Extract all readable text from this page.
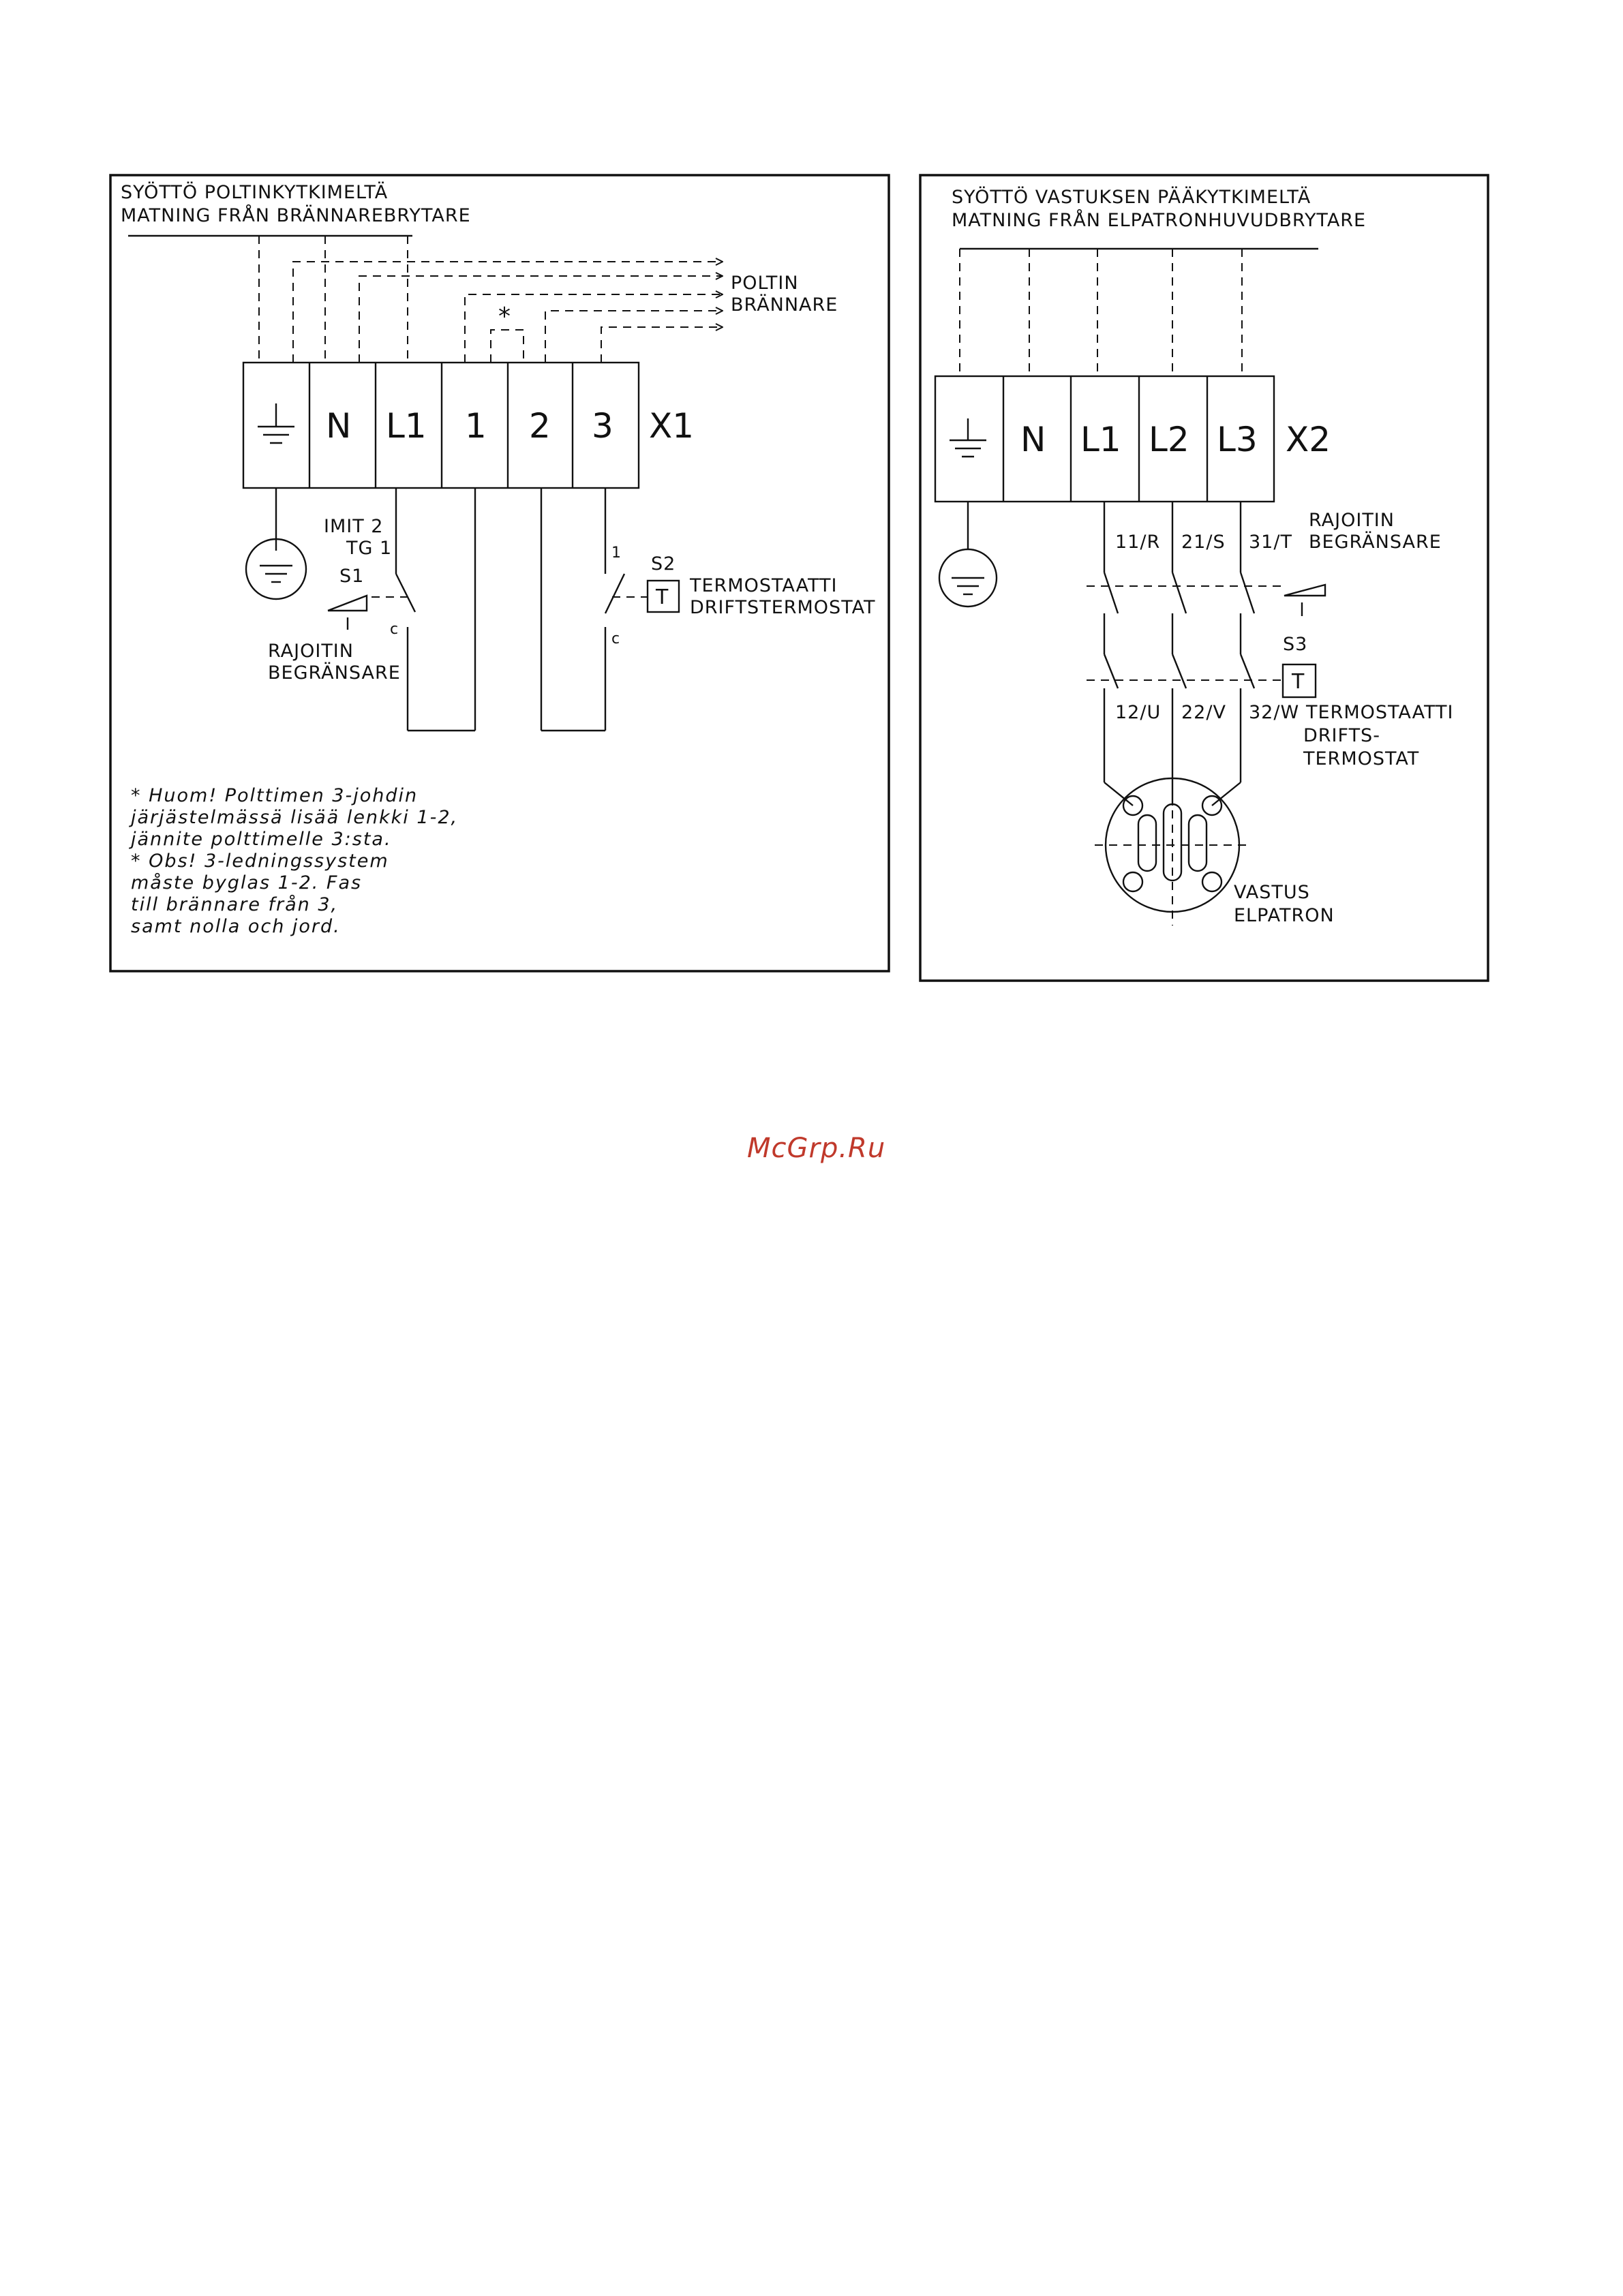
SYÖTTÖ POLTINKYTKIMELTÄ
MATNING FRÅN BRÄNNAREBRYTARE
*
POLTIN
BRÄNNARE
N L1 1 2 3 X1
IMIT 2
TG 1
S1
c
RAJOITIN
BEGRÄNSARE
1
c
S2
T TERMOSTAATTI
DRIFTSTERMOSTAT
* Huom! Polttimen 3-johdin
järjästelmässä lisää lenkki 1-2,
jännite polttimelle 3:sta.
* Obs! 3-ledningssystem
måste byglas 1-2. Fas
till brännare från 3,
samt nolla och jord.
SYÖTTÖ VASTUKSEN PÄÄKYTKIMELTÄ
MATNING FRÅN ELPATRONHUVUDBRYTARE
N L1 L2 L3 X2
11/R 21/S 31/T
12/U 22/V 32/W
RAJOITIN
BEGRÄNSARE
S3
T
TERMOSTAATTI
DRIFTS-
TERMOSTAT
VASTUS
ELPATRON
McGrp.Ru
